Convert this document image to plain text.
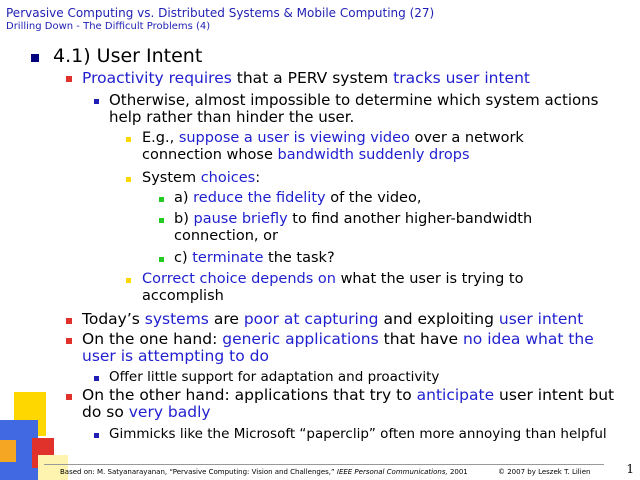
Pervasive Computing vs. Distributed Systems & Mobile Computing (27)
Drilling Down - The Difficult Problems (4)
4.1) User Intent
Proactivity requires that a PERV system tracks user intent
Otherwise, almost impossible to determine which system actions
help rather than hinder the user.
E.g., suppose a user is viewing video over a network
connection whose bandwidth suddenly drops
System choices:
a) reduce the fidelity of the video,
b) pause briefly to find another higher-bandwidth
connection, or
c) terminate the task?
Correct choice depends on what the user is trying to
accomplish
Today’s systems are poor at capturing and exploiting user intent
On the one hand: generic applications that have no idea what the
user is attempting to do
Offer little support for adaptation and proactivity
On the other hand: applications that try to anticipate user intent but
do so very badly
Gimmicks like the Microsoft “paperclip” often more annoying than helpful
Based on: M. Satyanarayanan, “Pervasive Computing: Vision and Challenges,” IEEE Personal Communications, 2001	© 2007 by Leszek T. Lilien	1
